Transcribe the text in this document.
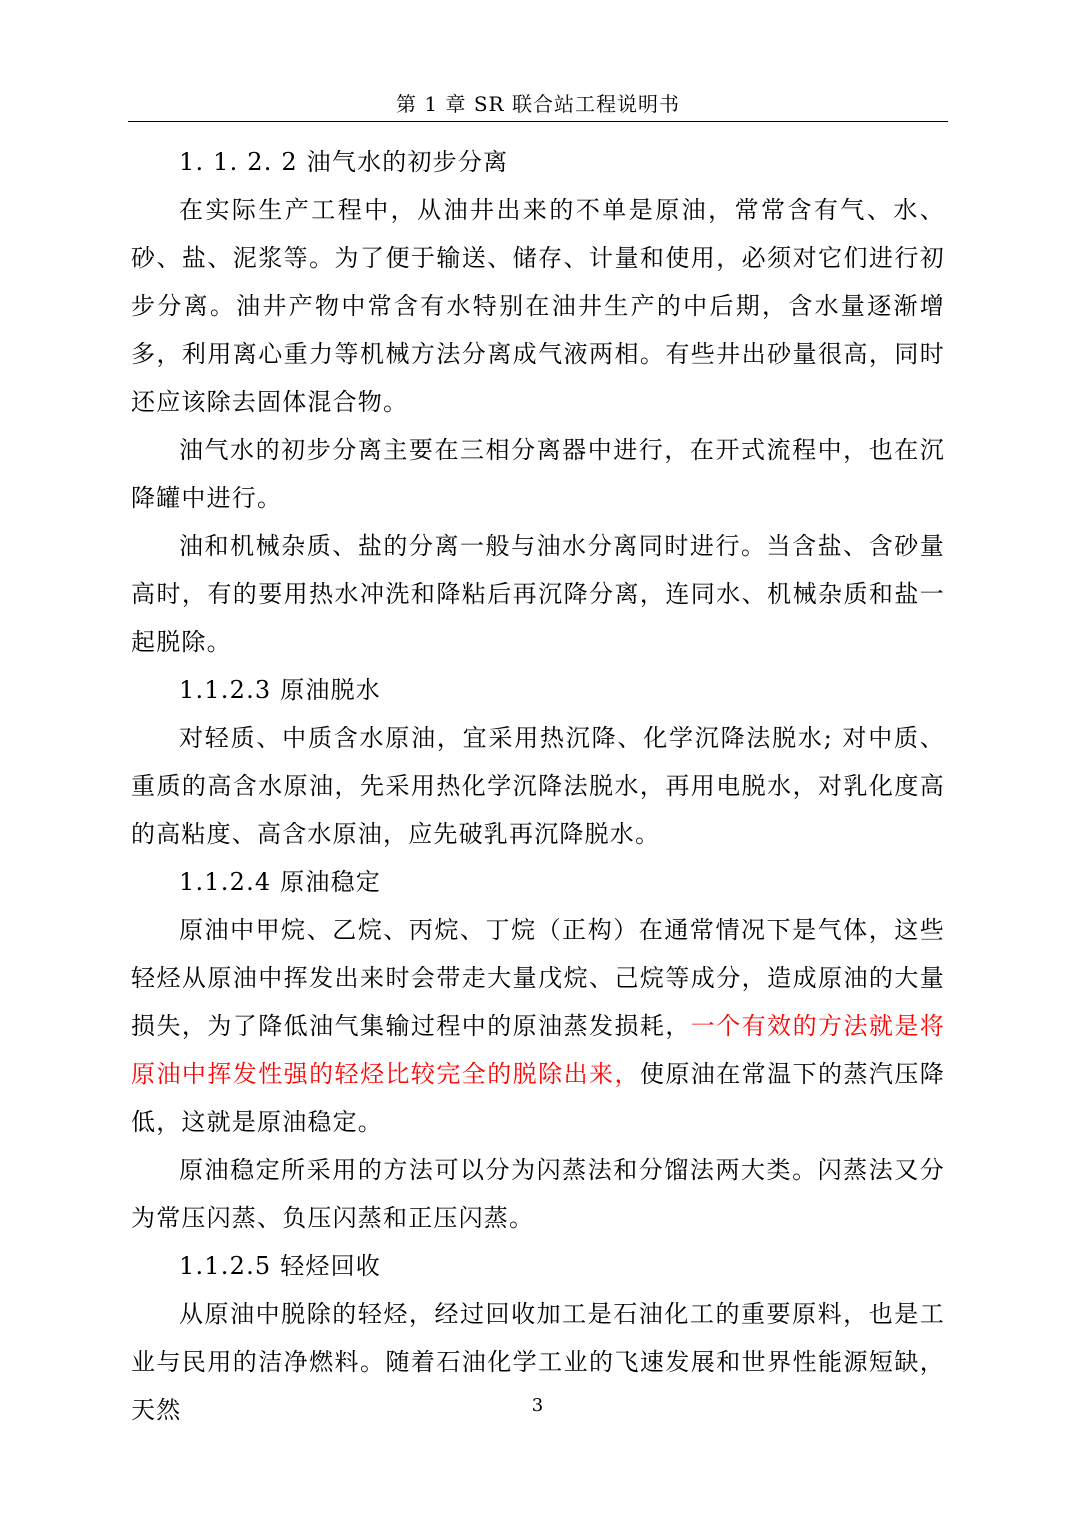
第 1 章 SR 联合站工程说明书

1. 1. 2. 2 油气水的初步分离

在实际生产工程中，从油井出来的不单是原油，常常含有气、水、砂、盐、泥浆等。为了便于输送、储存、计量和使用，必须对它们进行初步分离。油井产物中常含有水特别在油井生产的中后期，含水量逐渐增多，利用离心重力等机械方法分离成气液两相。有些井出砂量很高，同时还应该除去固体混合物。

油气水的初步分离主要在三相分离器中进行，在开式流程中，也在沉降罐中进行。

油和机械杂质、盐的分离一般与油水分离同时进行。当含盐、含砂量高时，有的要用热水冲洗和降粘后再沉降分离，连同水、机械杂质和盐一起脱除。

1.1.2.3 原油脱水

对轻质、中质含水原油，宜采用热沉降、化学沉降法脱水; 对中质、重质的高含水原油，先采用热化学沉降法脱水，再用电脱水，对乳化度高的高粘度、高含水原油，应先破乳再沉降脱水。

1.1.2.4 原油稳定

原油中甲烷、乙烷、丙烷、丁烷（正构）在通常情况下是气体，这些轻烃从原油中挥发出来时会带走大量戊烷、己烷等成分，造成原油的大量损失，为了降低油气集输过程中的原油蒸发损耗，一个有效的方法就是将原油中挥发性强的轻烃比较完全的脱除出来，使原油在常温下的蒸汽压降低，这就是原油稳定。

原油稳定所采用的方法可以分为闪蒸法和分馏法两大类。闪蒸法又分为常压闪蒸、负压闪蒸和正压闪蒸。

1.1.2.5 轻烃回收

从原油中脱除的轻烃，经过回收加工是石油化工的重要原料，也是工业与民用的洁净燃料。随着石油化学工业的飞速发展和世界性能源短缺，天然	3
